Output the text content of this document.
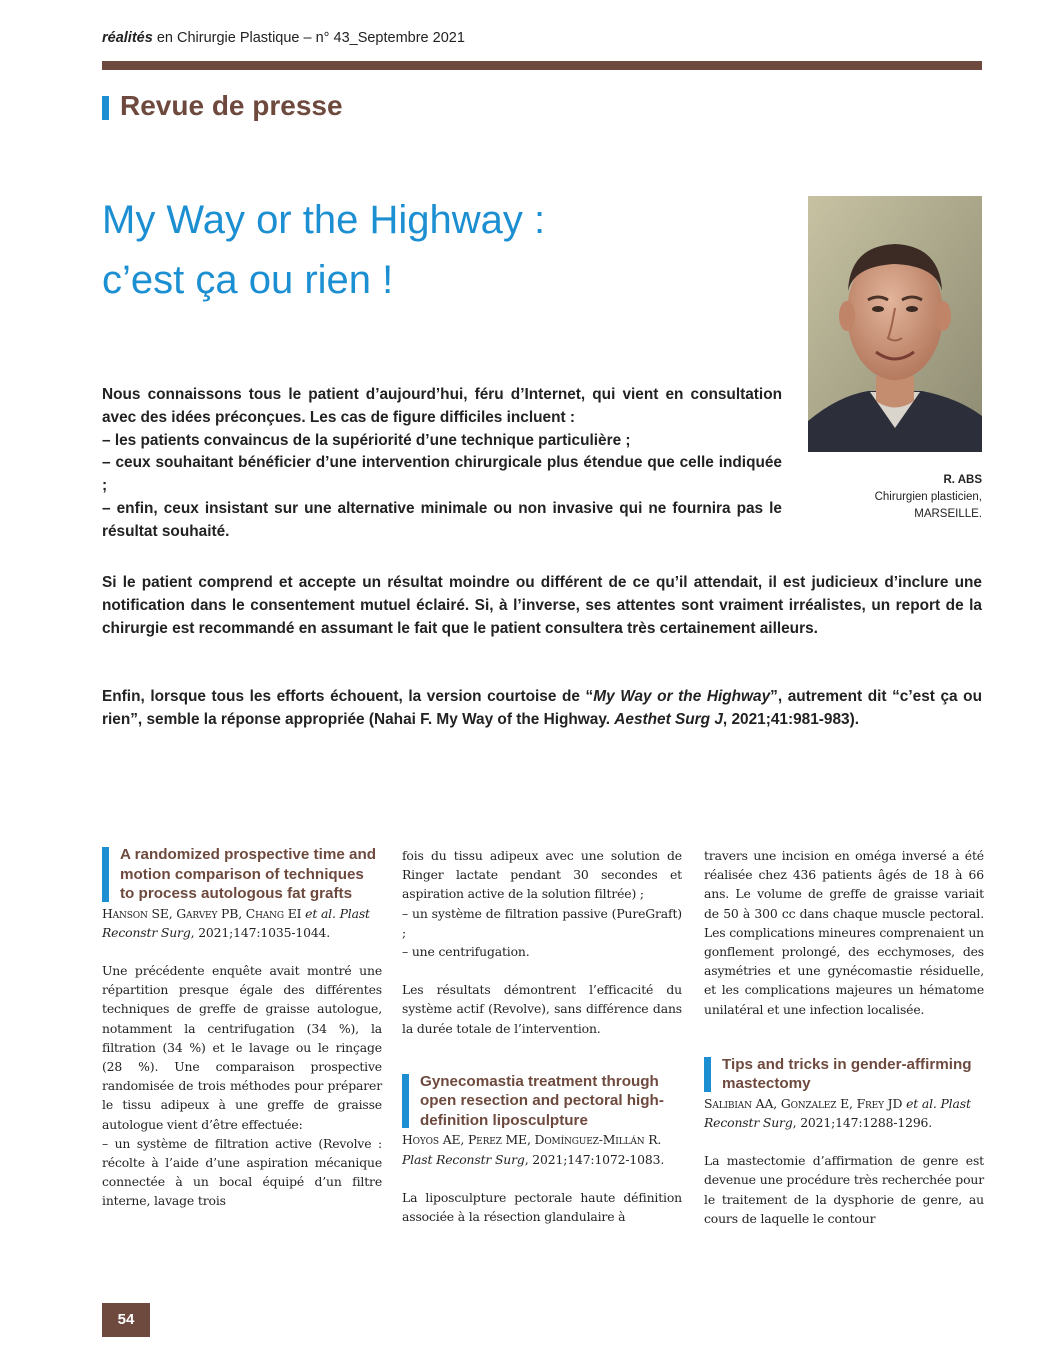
réalités en Chirurgie Plastique – n° 43_Septembre 2021
Revue de presse
My Way or the Highway :
c’est ça ou rien !
R. ABS
Chirurgien plasticien,
MARSEILLE.

Nous connaissons tous le patient d’aujourd’hui, féru d’Internet, qui vient en consultation avec des idées préconçues. Les cas de figure difficiles incluent :

– les patients convaincus de la supériorité d’une technique particulière ;

– ceux souhaitant bénéficier d’une intervention chirurgicale plus étendue que celle indiquée ;

– enfin, ceux insistant sur une alternative minimale ou non invasive qui ne fournira pas le résultat souhaité.

Si le patient comprend et accepte un résultat moindre ou différent de ce qu’il attendait, il est judicieux d’inclure une notification dans le consentement mutuel éclairé. Si, à l’inverse, ses attentes sont vraiment irréalistes, un report de la chirurgie est recommandé en assumant le fait que le patient consultera très certainement ailleurs.

Enfin, lorsque tous les efforts échouent, la version courtoise de “My Way or the Highway”, autrement dit “c’est ça ou rien”, semble la réponse appropriée (Nahai F. My Way of the Highway. Aesthet Surg J, 2021;41:981-983).

A randomized prospective time and motion comparison of techniques to process autologous fat grafts

Hanson SE, Garvey PB, Chang EI et al. Plast Reconstr Surg, 2021;147:1035-1044.

Une précédente enquête avait montré une répartition presque égale des différentes techniques de greffe de graisse autologue, notamment la centrifugation (34 %), la filtration (34 %) et le lavage ou le rinçage (28 %). Une comparaison prospective randomisée de trois méthodes pour préparer le tissu adipeux à une greffe de graisse autologue vient d’être effectuée:

– un système de filtration active (Revolve : récolte à l’aide d’une aspiration mécanique connectée à un bocal équipé d’un filtre interne, lavage trois

fois du tissu adipeux avec une solution de Ringer lactate pendant 30 secondes et aspiration active de la solution filtrée) ;

– un système de filtration passive (PureGraft) ;

– une centrifugation.

Les résultats démontrent l’efficacité du système actif (Revolve), sans différence dans la durée totale de l’intervention.

Gynecomastia treatment through open resection and pectoral high-definition liposculpture

Hoyos AE, Perez ME, Domínguez-Millán R. Plast Reconstr Surg, 2021;147:1072-1083.

La liposculpture pectorale haute définition associée à la résection glandulaire à

travers une incision en oméga inversé a été réalisée chez 436 patients âgés de 18 à 66 ans. Le volume de greffe de graisse variait de 50 à 300 cc dans chaque muscle pectoral. Les complications mineures comprenaient un gonflement prolongé, des ecchymoses, des asymétries et une gynécomastie résiduelle, et les complications majeures un hématome unilatéral et une infection localisée.

Tips and tricks in gender-affirming mastectomy

Salibian AA, Gonzalez E, Frey JD et al. Plast Reconstr Surg, 2021;147:1288-1296.

La mastectomie d’affirmation de genre est devenue une procédure très recherchée pour le traitement de la dysphorie de genre, au cours de laquelle le contour

54
